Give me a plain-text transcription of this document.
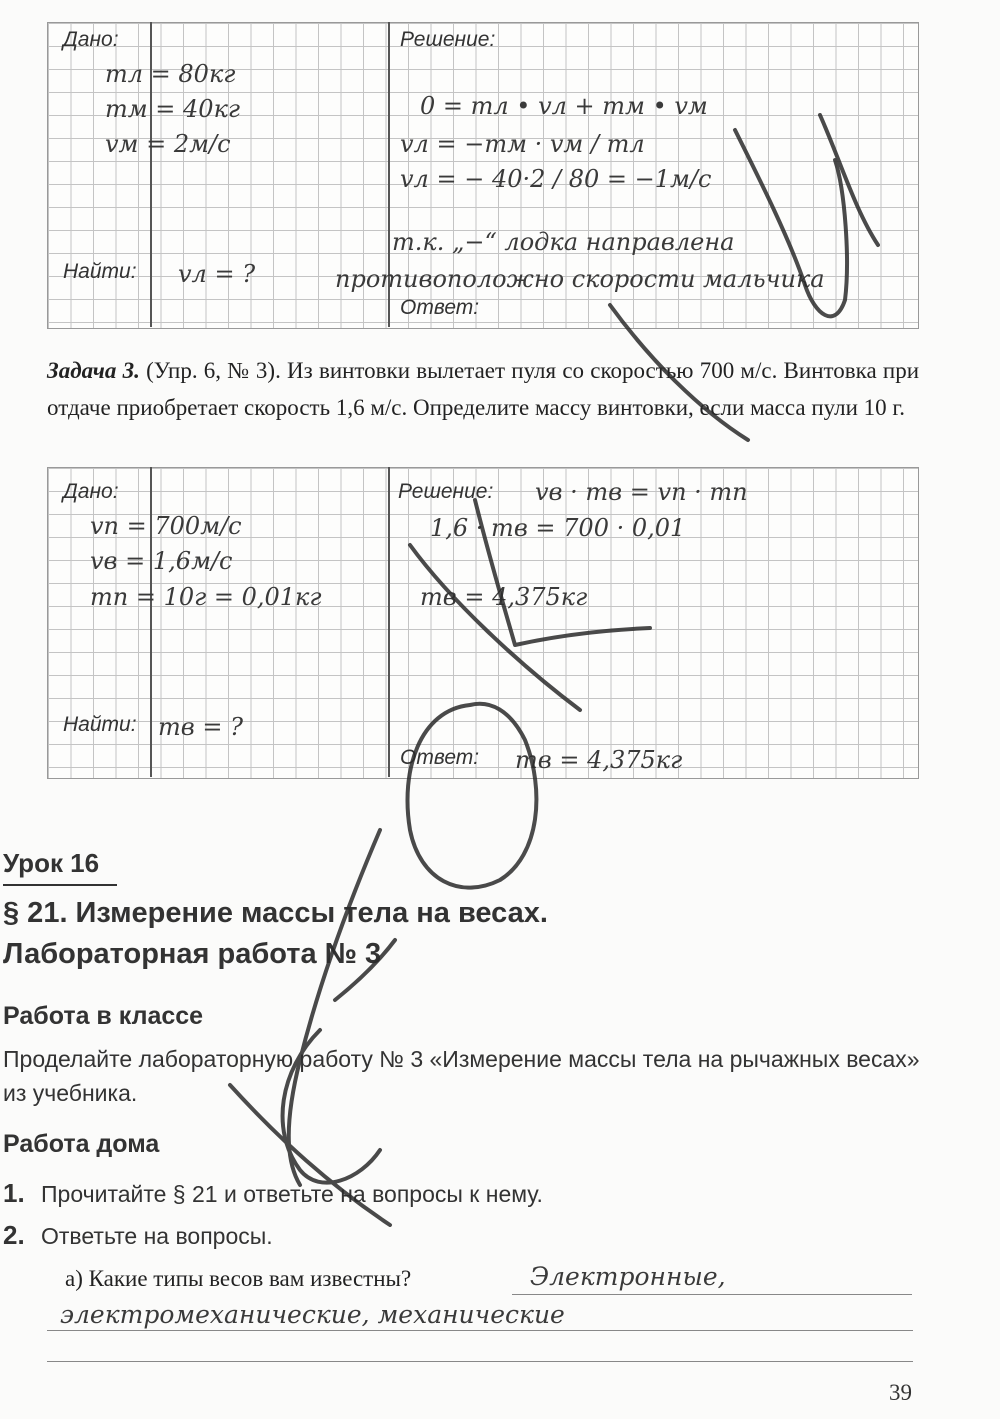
Дано:	Решение:
Найти:
Ответ:
mл = 80кг
mм = 40кг
vм = 2м/с
vл = ?
0 = mл • vл + mм • vм
vл = −mм · vм / mл
vл = − 40·2 / 80 = −1м/с
т.к. „−“ лодка направлена
противоположно скорости мальчика
Задача 3. (Упр. 6, № 3). Из винтовки вылетает пуля со скоростью 700 м/с. Винтовка при отдаче приобретает скорость 1,6 м/с. Определите массу винтовки, если масса пули 10 г.
Дано:	Решение:
Найти:
Ответ:
vп = 700м/с
vв = 1,6м/с
mп = 10г = 0,01кг
mв = ?
vв · mв = vп · mп
1,6 · mв = 700 · 0,01
mв = 4,375кг
mв = 4,375кг
Урок 16
§ 21. Измерение массы тела на весах.
Лабораторная работа № 3
Работа в классе
Проделайте лабораторную работу № 3 «Измерение массы тела на рычажных весах» из учебника.
Работа дома
1. Прочитайте § 21 и ответьте на вопросы к нему.
2. Ответьте на вопросы.
а) Какие типы весов вам известны?	Электронные,
электромеханические, механические
39
